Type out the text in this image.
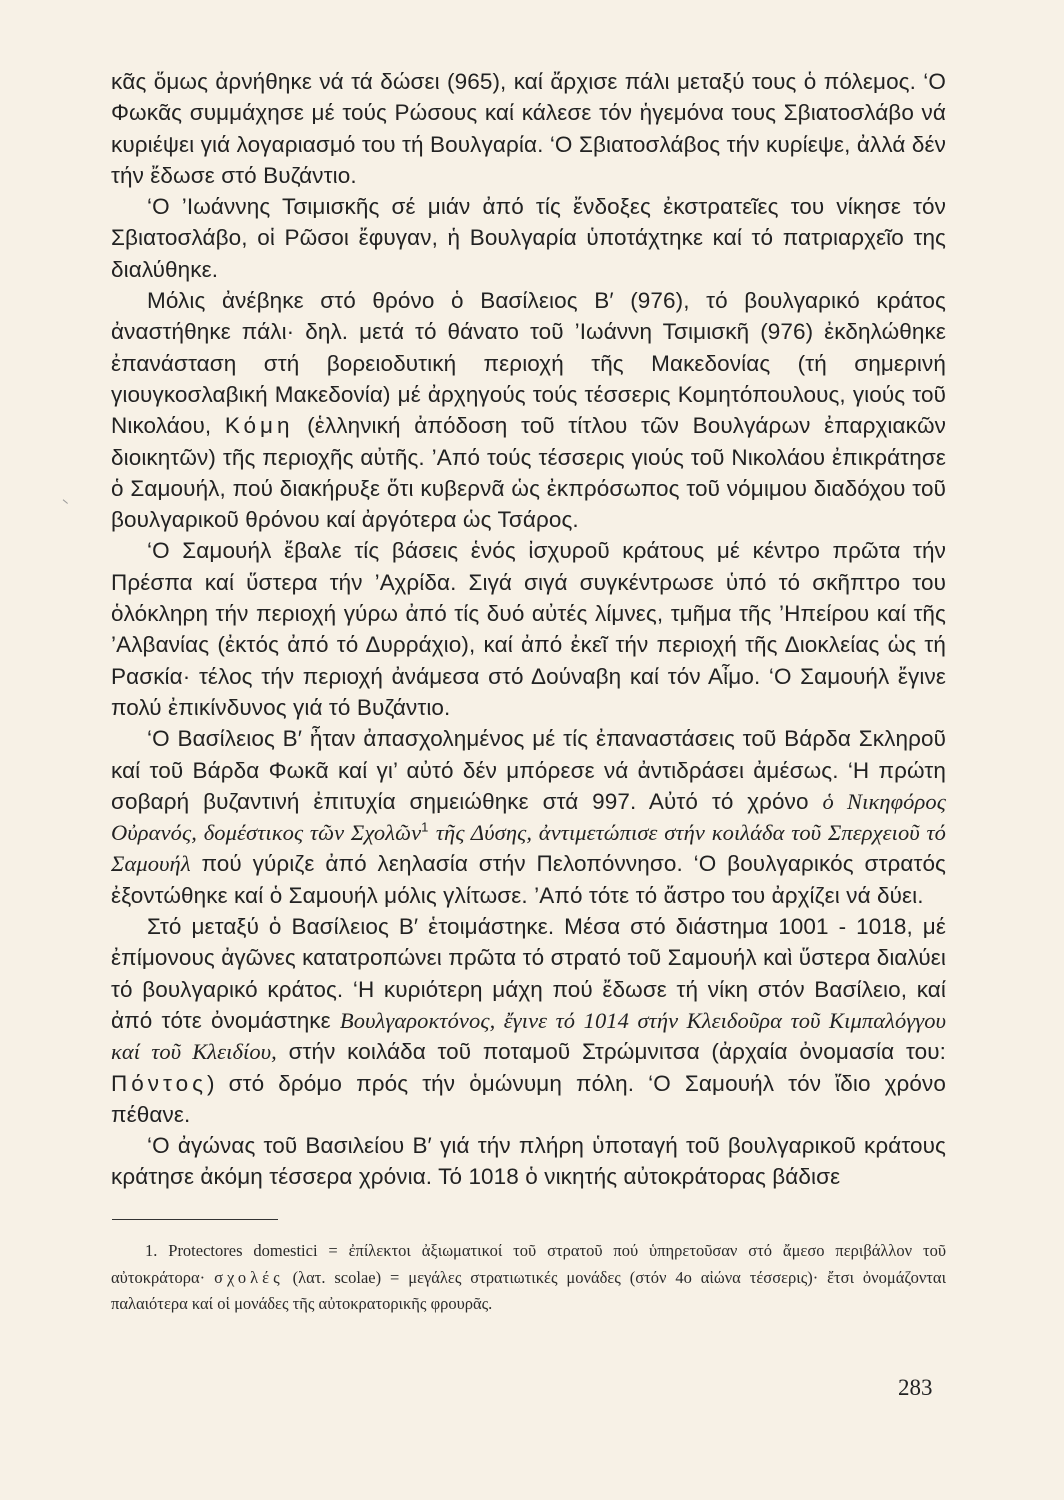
κᾶς ὅμως ἀρνήθηκε νά τά δώσει (965), καί ἄρχισε πάλι μεταξύ τους ὁ πόλεμος. ‘Ο Φωκᾶς συμμάχησε μέ τούς Ρώσους καί κάλεσε τόν ἡγεμόνα τους Σβιατοσλάβο νά κυριέψει γιά λογαριασμό του τή Βουλγαρία. ‘Ο Σβιατοσλάβος τήν κυρίεψε, ἀλλά δέν τήν ἔδωσε στό Βυζάντιο.

‘Ο ’Ιωάννης Τσιμισκῆς σέ μιάν ἀπό τίς ἔνδοξες ἐκστρατεῖες του νίκησε τόν Σβιατοσλάβο, οἱ Ρῶσοι ἔφυγαν, ἡ Βουλγαρία ὑποτάχτηκε καί τό πατριαρχεῖο της διαλύθηκε.

Μόλις ἀνέβηκε στό θρόνο ὁ Βασίλειος Β′ (976), τό βουλγαρικό κράτος ἀναστήθηκε πάλι· δηλ. μετά τό θάνατο τοῦ ’Ιωάννη Τσιμισκῆ (976) ἐκδηλώθηκε ἐπανάσταση στή βορειοδυτική περιοχή τῆς Μακεδονίας (τή σημερινή γιουγκοσλαβική Μακεδονία) μέ ἀρχηγούς τούς τέσσερις Κομητόπουλους, γιούς τοῦ Νικολάου, Κόμη (ἑλληνική ἀπόδοση τοῦ τίτλου τῶν Βουλγάρων ἐπαρχιακῶν διοικητῶν) τῆς περιοχῆς αὐτῆς. ’Από τούς τέσσερις γιούς τοῦ Νικολάου ἐπικράτησε ὁ Σαμουήλ, πού διακήρυξε ὅτι κυβερνᾶ ὡς ἐκπρόσωπος τοῦ νόμιμου διαδόχου τοῦ βουλγαρικοῦ θρόνου καί ἀργότερα ὡς Τσάρος.

‘Ο Σαμουήλ ἔβαλε τίς βάσεις ἑνός ἰσχυροῦ κράτους μέ κέντρο πρῶτα τήν Πρέσπα καί ὕστερα τήν ’Αχρίδα. Σιγά σιγά συγκέντρωσε ὑπό τό σκῆπτρο του ὁλόκληρη τήν περιοχή γύρω ἀπό τίς δυό αὐτές λίμνες, τμῆμα τῆς ’Ηπείρου καί τῆς ’Αλβανίας (ἐκτός ἀπό τό Δυρράχιο), καί ἀπό ἐκεῖ τήν περιοχή τῆς Διοκλείας ὡς τή Ρασκία· τέλος τήν περιοχή ἀνάμεσα στό Δούναβη καί τόν Αἶμο. ‘Ο Σαμουήλ ἔγινε πολύ ἐπικίνδυνος γιά τό Βυζάντιο.

‘Ο Βασίλειος Β′ ἦταν ἀπασχολημένος μέ τίς ἐπαναστάσεις τοῦ Βάρδα Σκληροῦ καί τοῦ Βάρδα Φωκᾶ καί γι’ αὐτό δέν μπόρεσε νά ἀντιδράσει ἀμέσως. ‘Η πρώτη σοβαρή βυζαντινή ἐπιτυχία σημειώθηκε στά 997. Αὐτό τό χρόνο ὁ Νικηφόρος Οὐρανός, δομέστικος τῶν Σχολῶν$^1$ τῆς Δύσης, ἀντιμετώπισε στήν κοιλάδα τοῦ Σπερχειοῦ τό Σαμουήλ πού γύριζε ἀπό λεηλασία στήν Πελοπόννησο. ‘Ο βουλγαρικός στρατός ἐξοντώθηκε καί ὁ Σαμουήλ μόλις γλίτωσε. ’Από τότε τό ἄστρο του ἀρχίζει νά δύει.

Στό μεταξύ ὁ Βασίλειος Β′ ἑτοιμάστηκε. Μέσα στό διάστημα 1001 - 1018, μέ ἐπίμονους ἀγῶνες κατατροπώνει πρῶτα τό στρατό τοῦ Σαμουήλ καὶ ὕστερα διαλύει τό βουλγαρικό κράτος. ‘Η κυριότερη μάχη πού ἔδωσε τή νίκη στόν Βασίλειο, καί ἀπό τότε ὀνομάστηκε Βουλγαροκτόνος, ἔγινε τό 1014 στήν Κλειδοῦρα τοῦ Κιμπαλόγγου καί τοῦ Κλειδίου, στήν κοιλάδα τοῦ ποταμοῦ Στρώμνιτσα (ἀρχαία ὀνομασία του: Πόντος) στό δρόμο πρός τήν ὁμώνυμη πόλη. ‘Ο Σαμουήλ τόν ἴδιο χρόνο πέθανε.

‘Ο ἀγώνας τοῦ Βασιλείου Β′ γιά τήν πλήρη ὑποταγή τοῦ βουλγαρικοῦ κράτους κράτησε ἀκόμη τέσσερα χρόνια. Τό 1018 ὁ νικητής αὐτοκράτορας βάδισε

1. Protectores domestici = ἐπίλεκτοι ἀξιωματικοί τοῦ στρατοῦ πού ὑπηρετοῦσαν στό ἄμεσο περιβάλλον τοῦ αὐτοκράτορα· σχολές (λατ. scolae) = μεγάλες στρατιωτικές μονάδες (στόν 4ο αἰώνα τέσσερις)· ἔτσι ὀνομάζονται παλαιότερα καί οἱ μονάδες τῆς αὐτοκρατορικῆς φρουρᾶς.

283
